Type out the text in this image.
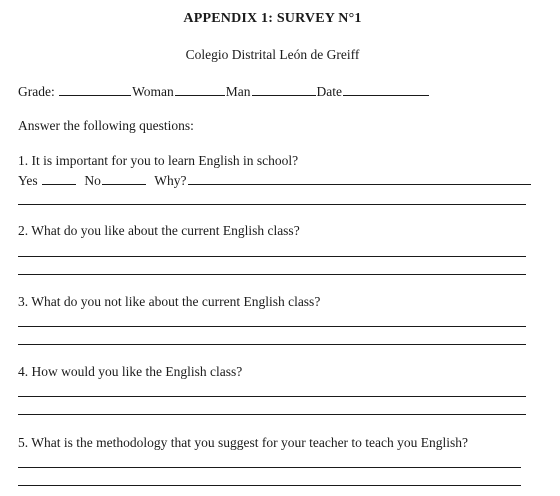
APPENDIX 1: SURVEY N°1
Colegio Distrital León de Greiff
Grade:	Woman	Man	Date
Answer the following questions:
1. It is important for you to learn English in school?
Yes	No	Why?
2. What do you like about the current English class?
3. What do you not like about the current English class?
4. How would you like the English class?
5. What is the methodology that you suggest for your teacher to teach you English?
